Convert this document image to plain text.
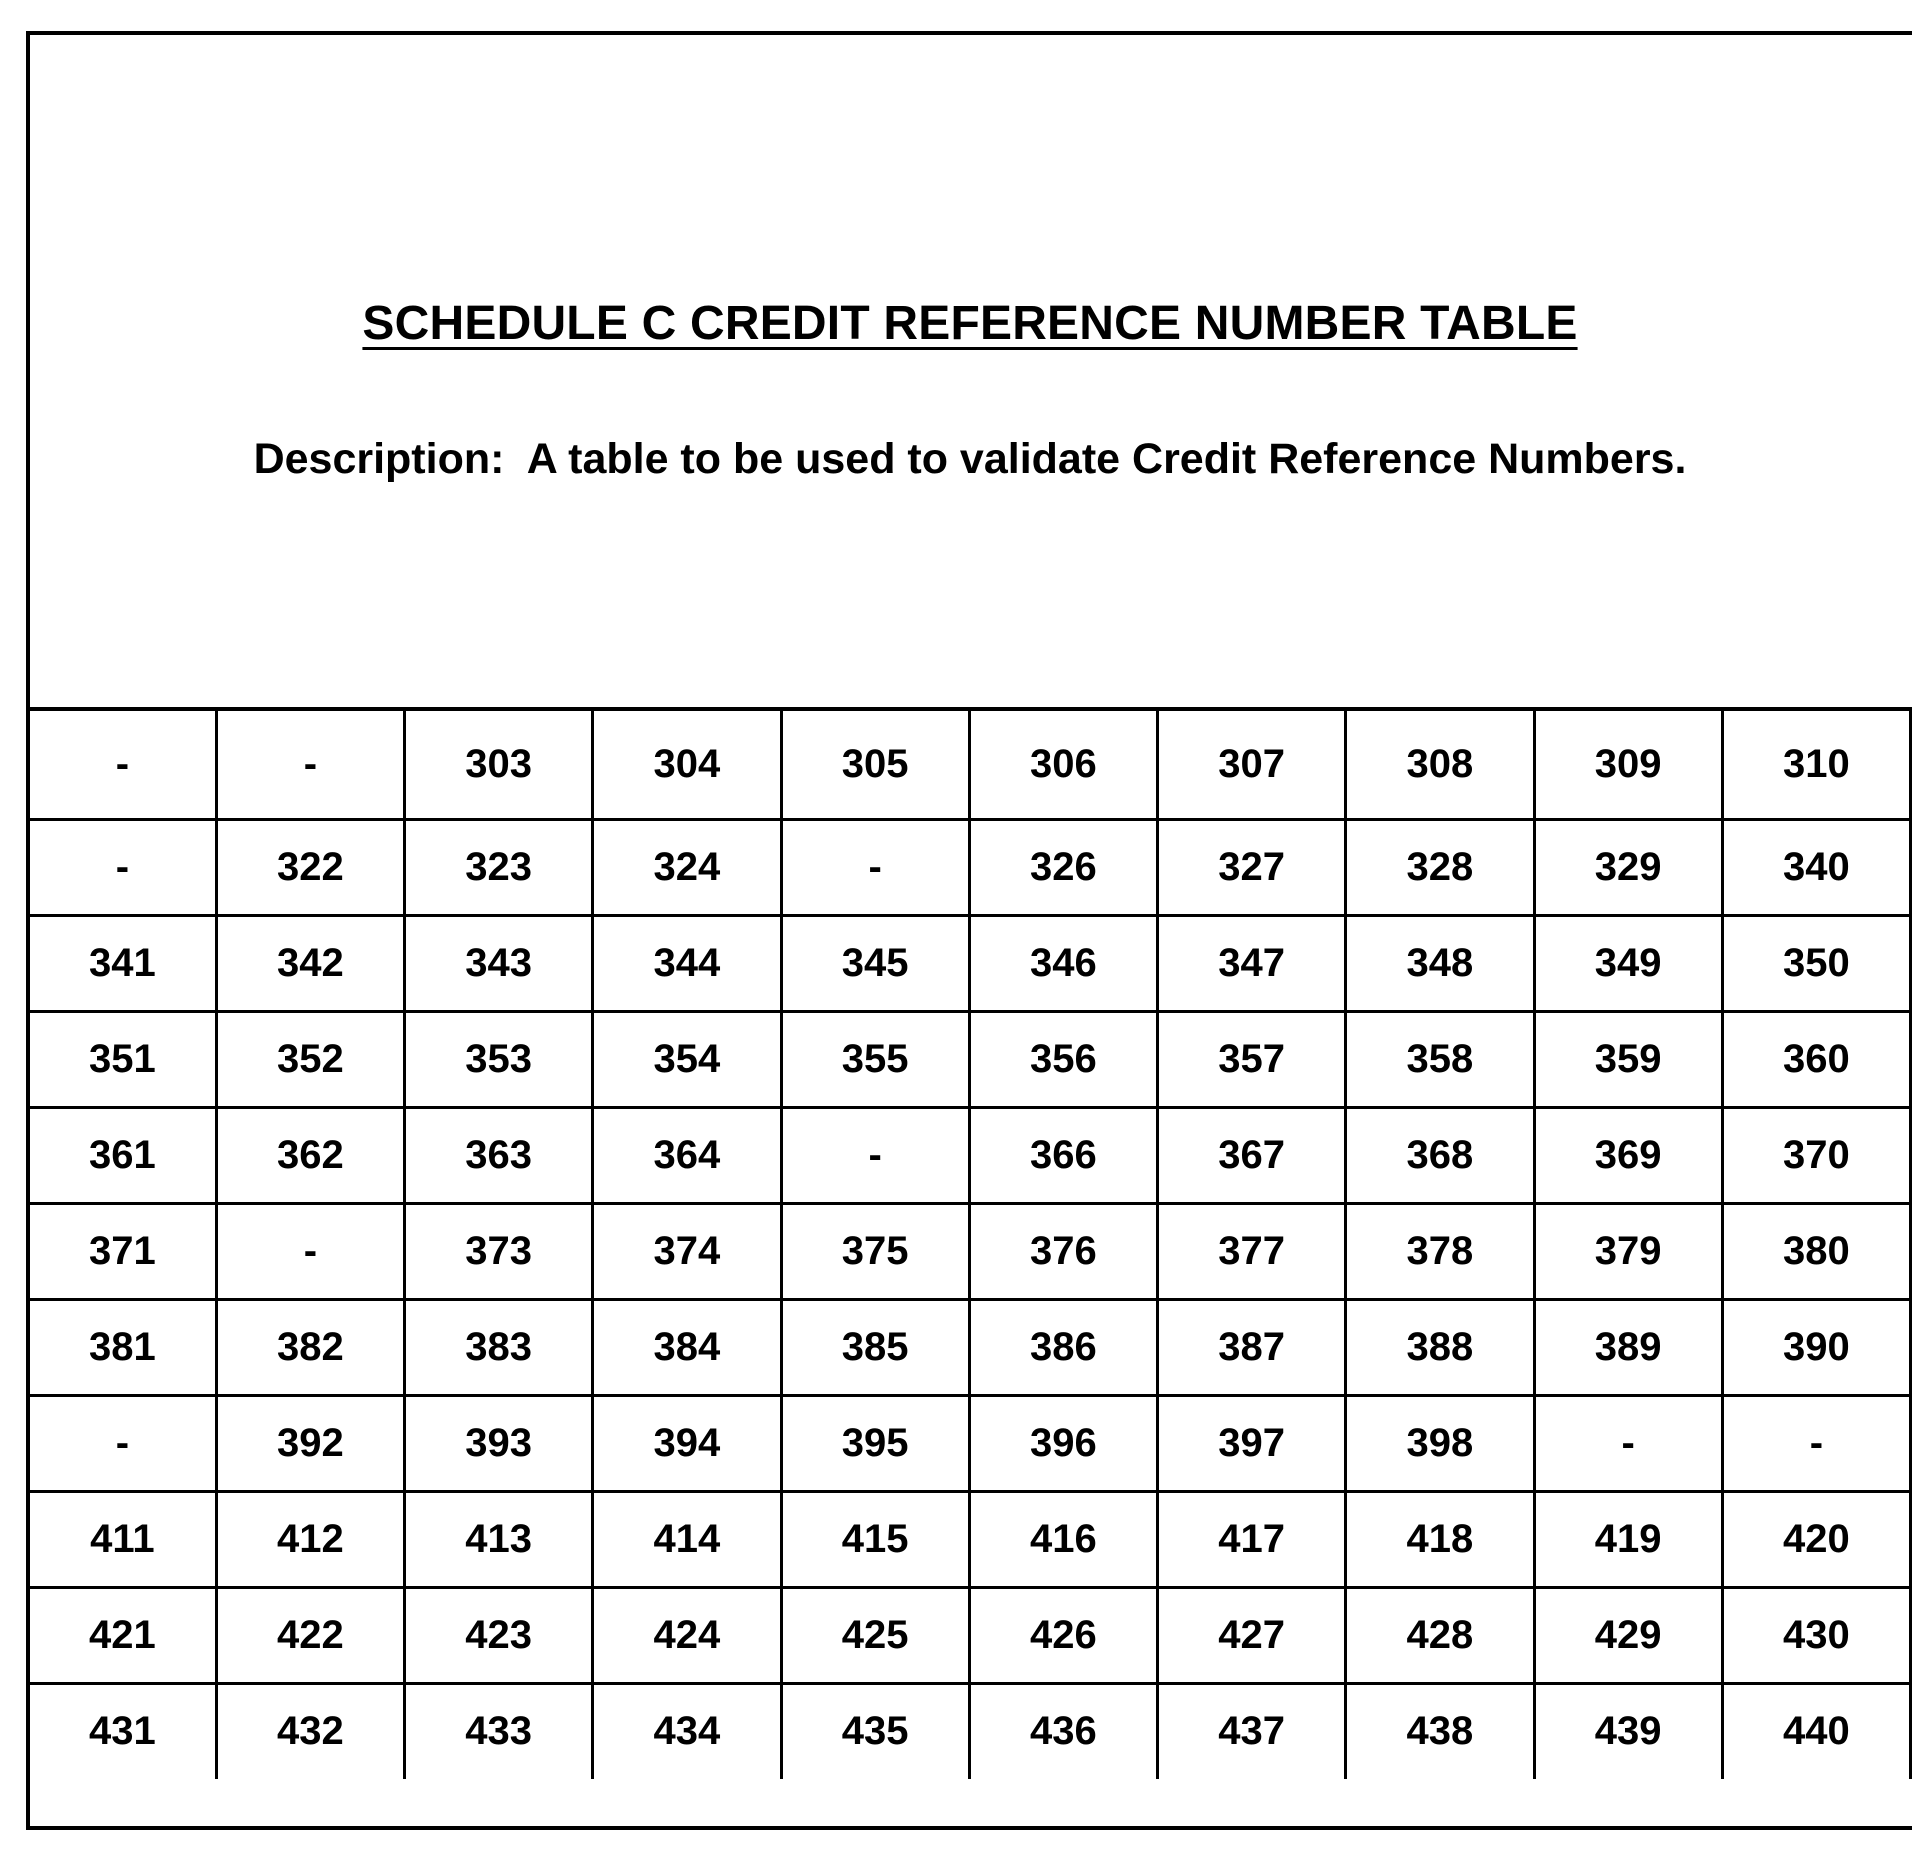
SCHEDULE C CREDIT REFERENCE NUMBER TABLE
Description:  A table to be used to validate Credit Reference Numbers.
-	-	303	304	305	306	307	308	309	310
-	322	323	324	-	326	327	328	329	340
341	342	343	344	345	346	347	348	349	350
351	352	353	354	355	356	357	358	359	360
361	362	363	364	-	366	367	368	369	370
371	-	373	374	375	376	377	378	379	380
381	382	383	384	385	386	387	388	389	390
-	392	393	394	395	396	397	398	-	-
411	412	413	414	415	416	417	418	419	420
421	422	423	424	425	426	427	428	429	430
431	432	433	434	435	436	437	438	439	440
